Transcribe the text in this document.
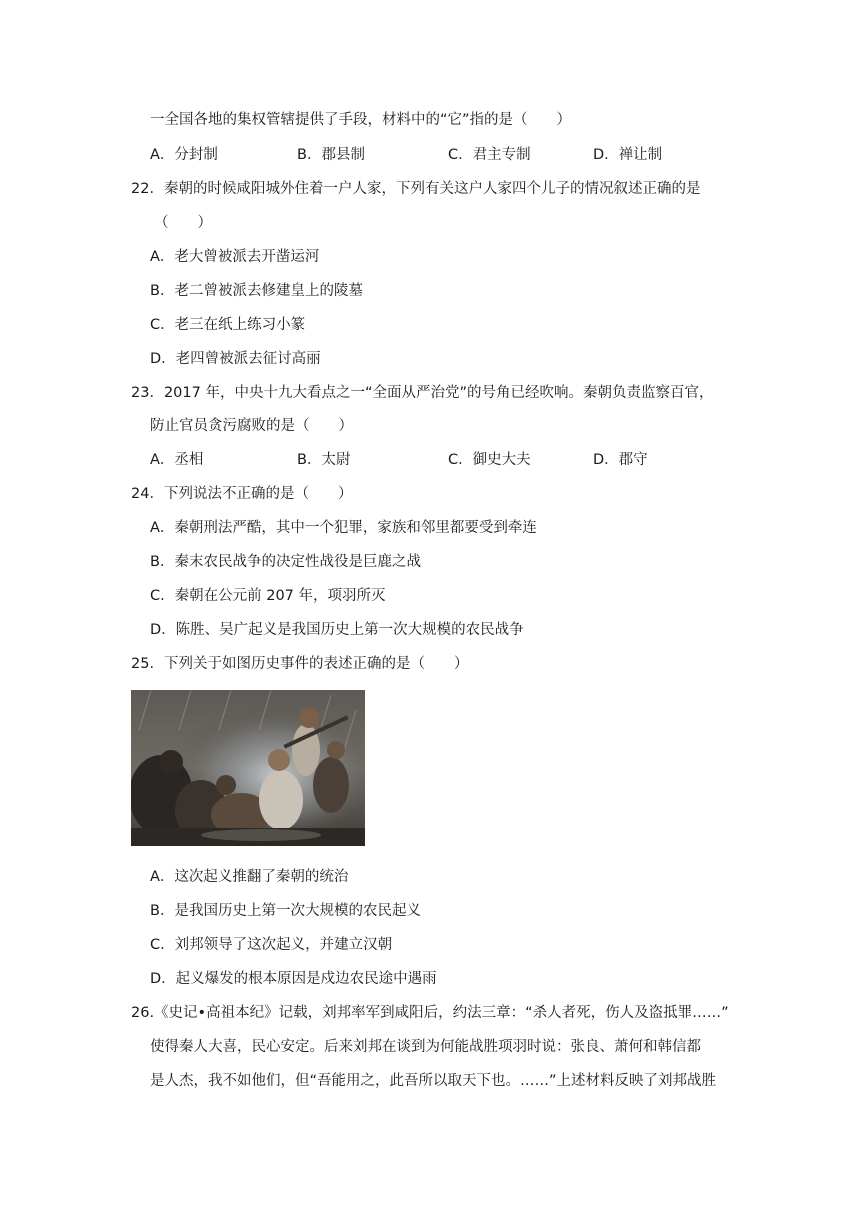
一全国各地的集权管辖提供了手段，材料中的“它”指的是（　　）
A．分封制	B．郡县制	C．君主专制	D．禅让制
22．秦朝的时候咸阳城外住着一户人家，下列有关这户人家四个儿子的情况叙述正确的是
（　　）
A．老大曾被派去开凿运河
B．老二曾被派去修建皇上的陵墓
C．老三在纸上练习小篆
D．老四曾被派去征讨高丽
23．2017 年，中央十九大看点之一“全面从严治党”的号角已经吹响。秦朝负责监察百官，
防止官员贪污腐败的是（　　）
A．丞相	B．太尉	C．御史大夫	D．郡守
24．下列说法不正确的是（　　）
A．秦朝刑法严酷，其中一个犯罪，家族和邻里都要受到牵连
B．秦末农民战争的决定性战役是巨鹿之战
C．秦朝在公元前 207 年，项羽所灭
D．陈胜、吴广起义是我国历史上第一次大规模的农民战争
25．下列关于如图历史事件的表述正确的是（　　）
A．这次起义推翻了秦朝的统治
B．是我国历史上第一次大规模的农民起义
C．刘邦领导了这次起义，并建立汉朝
D．起义爆发的根本原因是戍边农民途中遇雨
26.《史记•高祖本纪》记载，刘邦率军到咸阳后，约法三章：“杀人者死，伤人及盗抵罪……”
使得秦人大喜，民心安定。后来刘邦在谈到为何能战胜项羽时说：张良、萧何和韩信都
是人杰，我不如他们，但“吾能用之，此吾所以取天下也。……”上述材料反映了刘邦战胜
